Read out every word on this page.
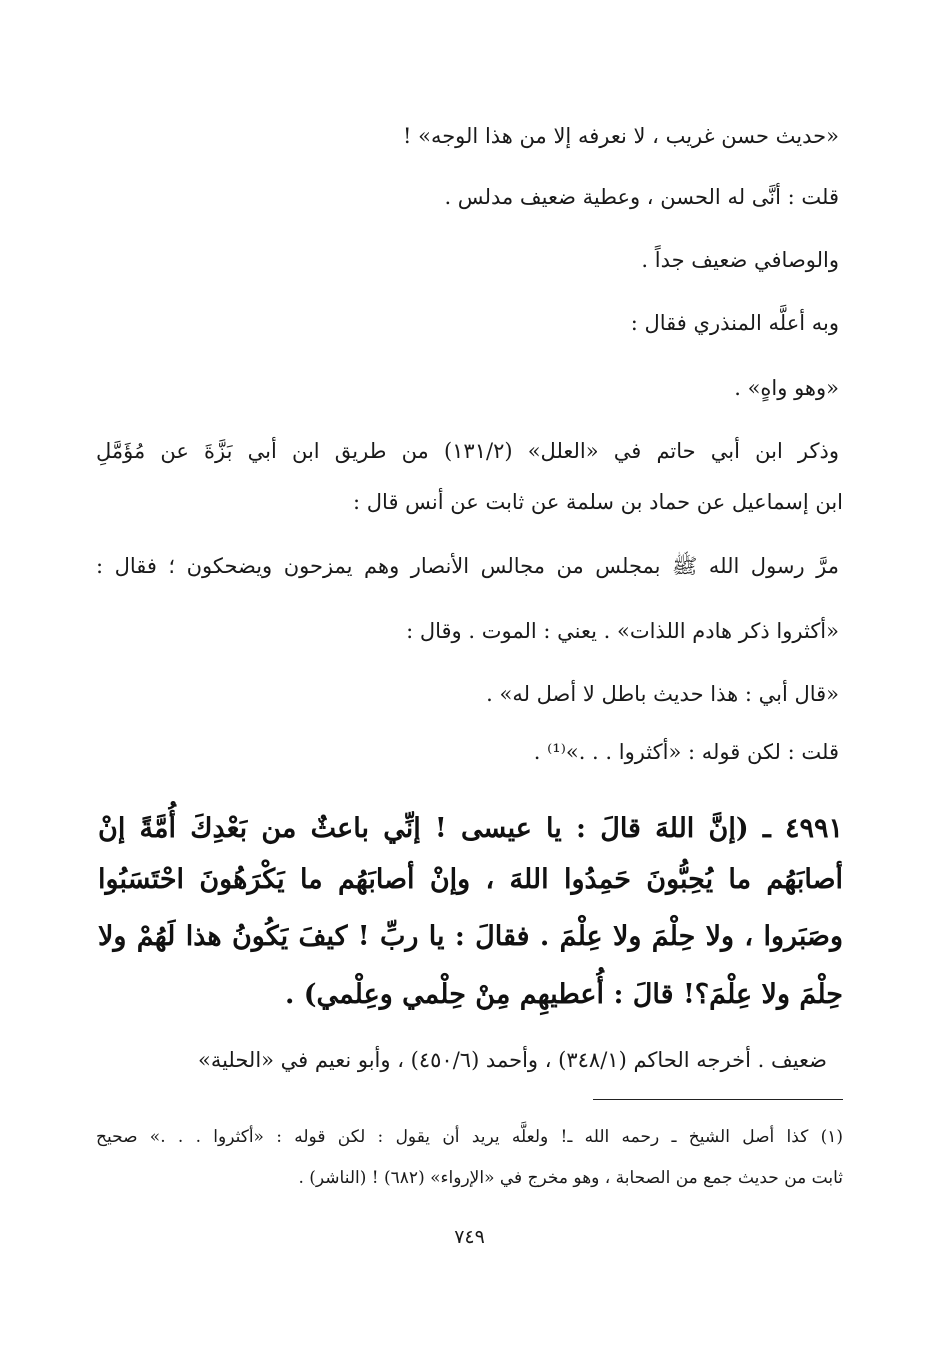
«حديث حسن غريب ، لا نعرفه إلا من هذا الوجه» !
قلت : أنَّى له الحسن ، وعطية ضعيف مدلس .
والوصافي ضعيف جداً .
وبه أعلَّه المنذري فقال :
«وهو واهٍ» .
وذكر ابن أبي حاتم في «العلل» (١٣١/٢) من طريق ابن أبي بَزَّةَ عن مُؤَمَّلِ
ابن إسماعيل عن حماد بن سلمة عن ثابت عن أنس قال :
مرَّ رسول الله ﷺ بمجلس من مجالس الأنصار وهم يمزحون ويضحكون ؛ فقال :
«أكثروا ذكر هادم اللذات» . يعني : الموت . وقال :
«قال أبي : هذا حديث باطل لا أصل له» .
قلت : لكن قوله : «أكثروا . . .»⁽¹⁾ .
٤٩٩١ ـ (إنَّ اللهَ قالَ : يا عيسى ! إنِّي باعثٌ من بَعْدِكَ أُمَّةً إنْ
أصابَهُم ما يُحِبُّونَ حَمِدُوا اللهَ ، وإنْ أصابَهُم ما يَكْرَهُونَ احْتَسَبُوا
وصَبَروا ، ولا حِلْمَ ولا عِلْمَ . فقالَ : يا ربِّ ! كيفَ يَكُونُ هذا لَهُمْ ولا
حِلْمَ ولا عِلْمَ؟! قالَ : أُعطيهِم مِنْ حِلْمي وعِلْمي) .
ضعيف . أخرجه الحاكم (٣٤٨/١) ، وأحمد (٤٥٠/٦) ، وأبو نعيم في «الحلية»
(١) كذا أصل الشيخ ـ رحمه الله ـ! ولعلَّه يريد أن يقول : لكن قوله : «أكثروا . . .» صحيح
ثابت من حديث جمع من الصحابة ، وهو مخرج في «الإرواء» (٦٨٢) ! (الناشر) .
٧٤٩
